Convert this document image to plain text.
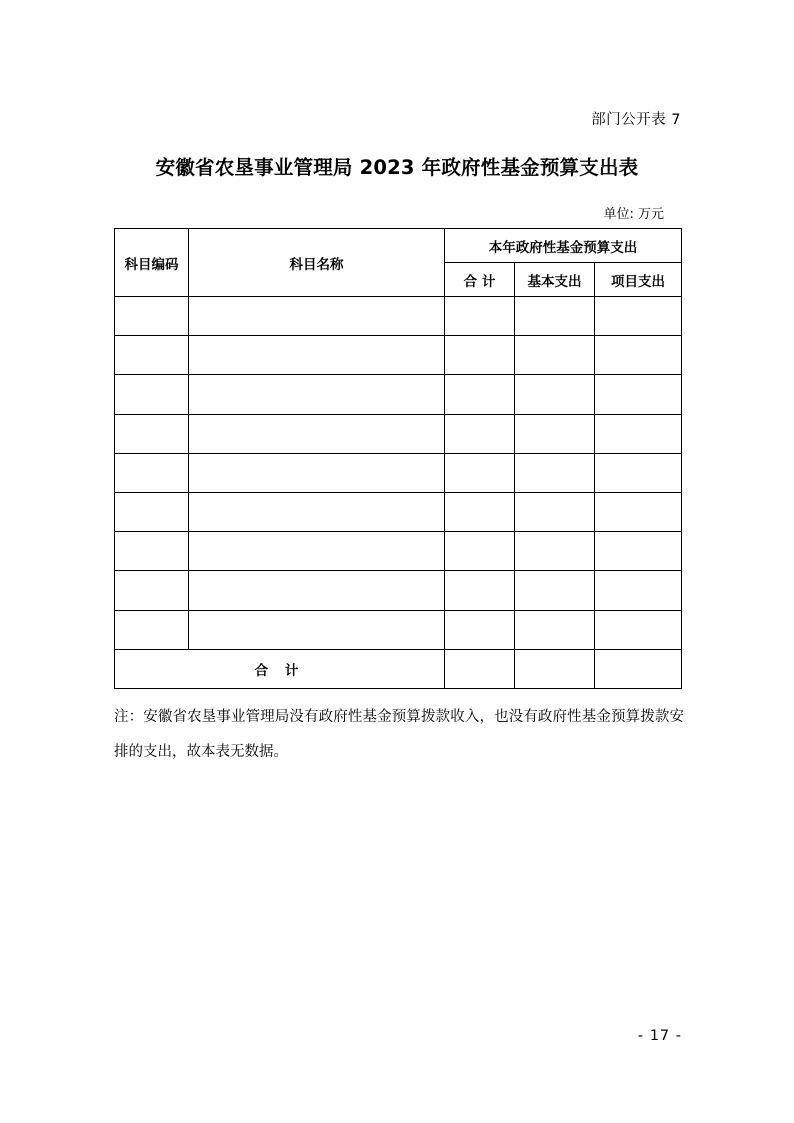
部门公开表 7
安徽省农垦事业管理局 2023 年政府性基金预算支出表
单位: 万元
科目编码	科目名称	本年政府性基金预算支出		
		合 计	基本支出	项目支出

合 计				
注：安徽省农垦事业管理局没有政府性基金预算拨款收入，也没有政府性基金预算拨款安排的支出，故本表无数据。
- 17 -
